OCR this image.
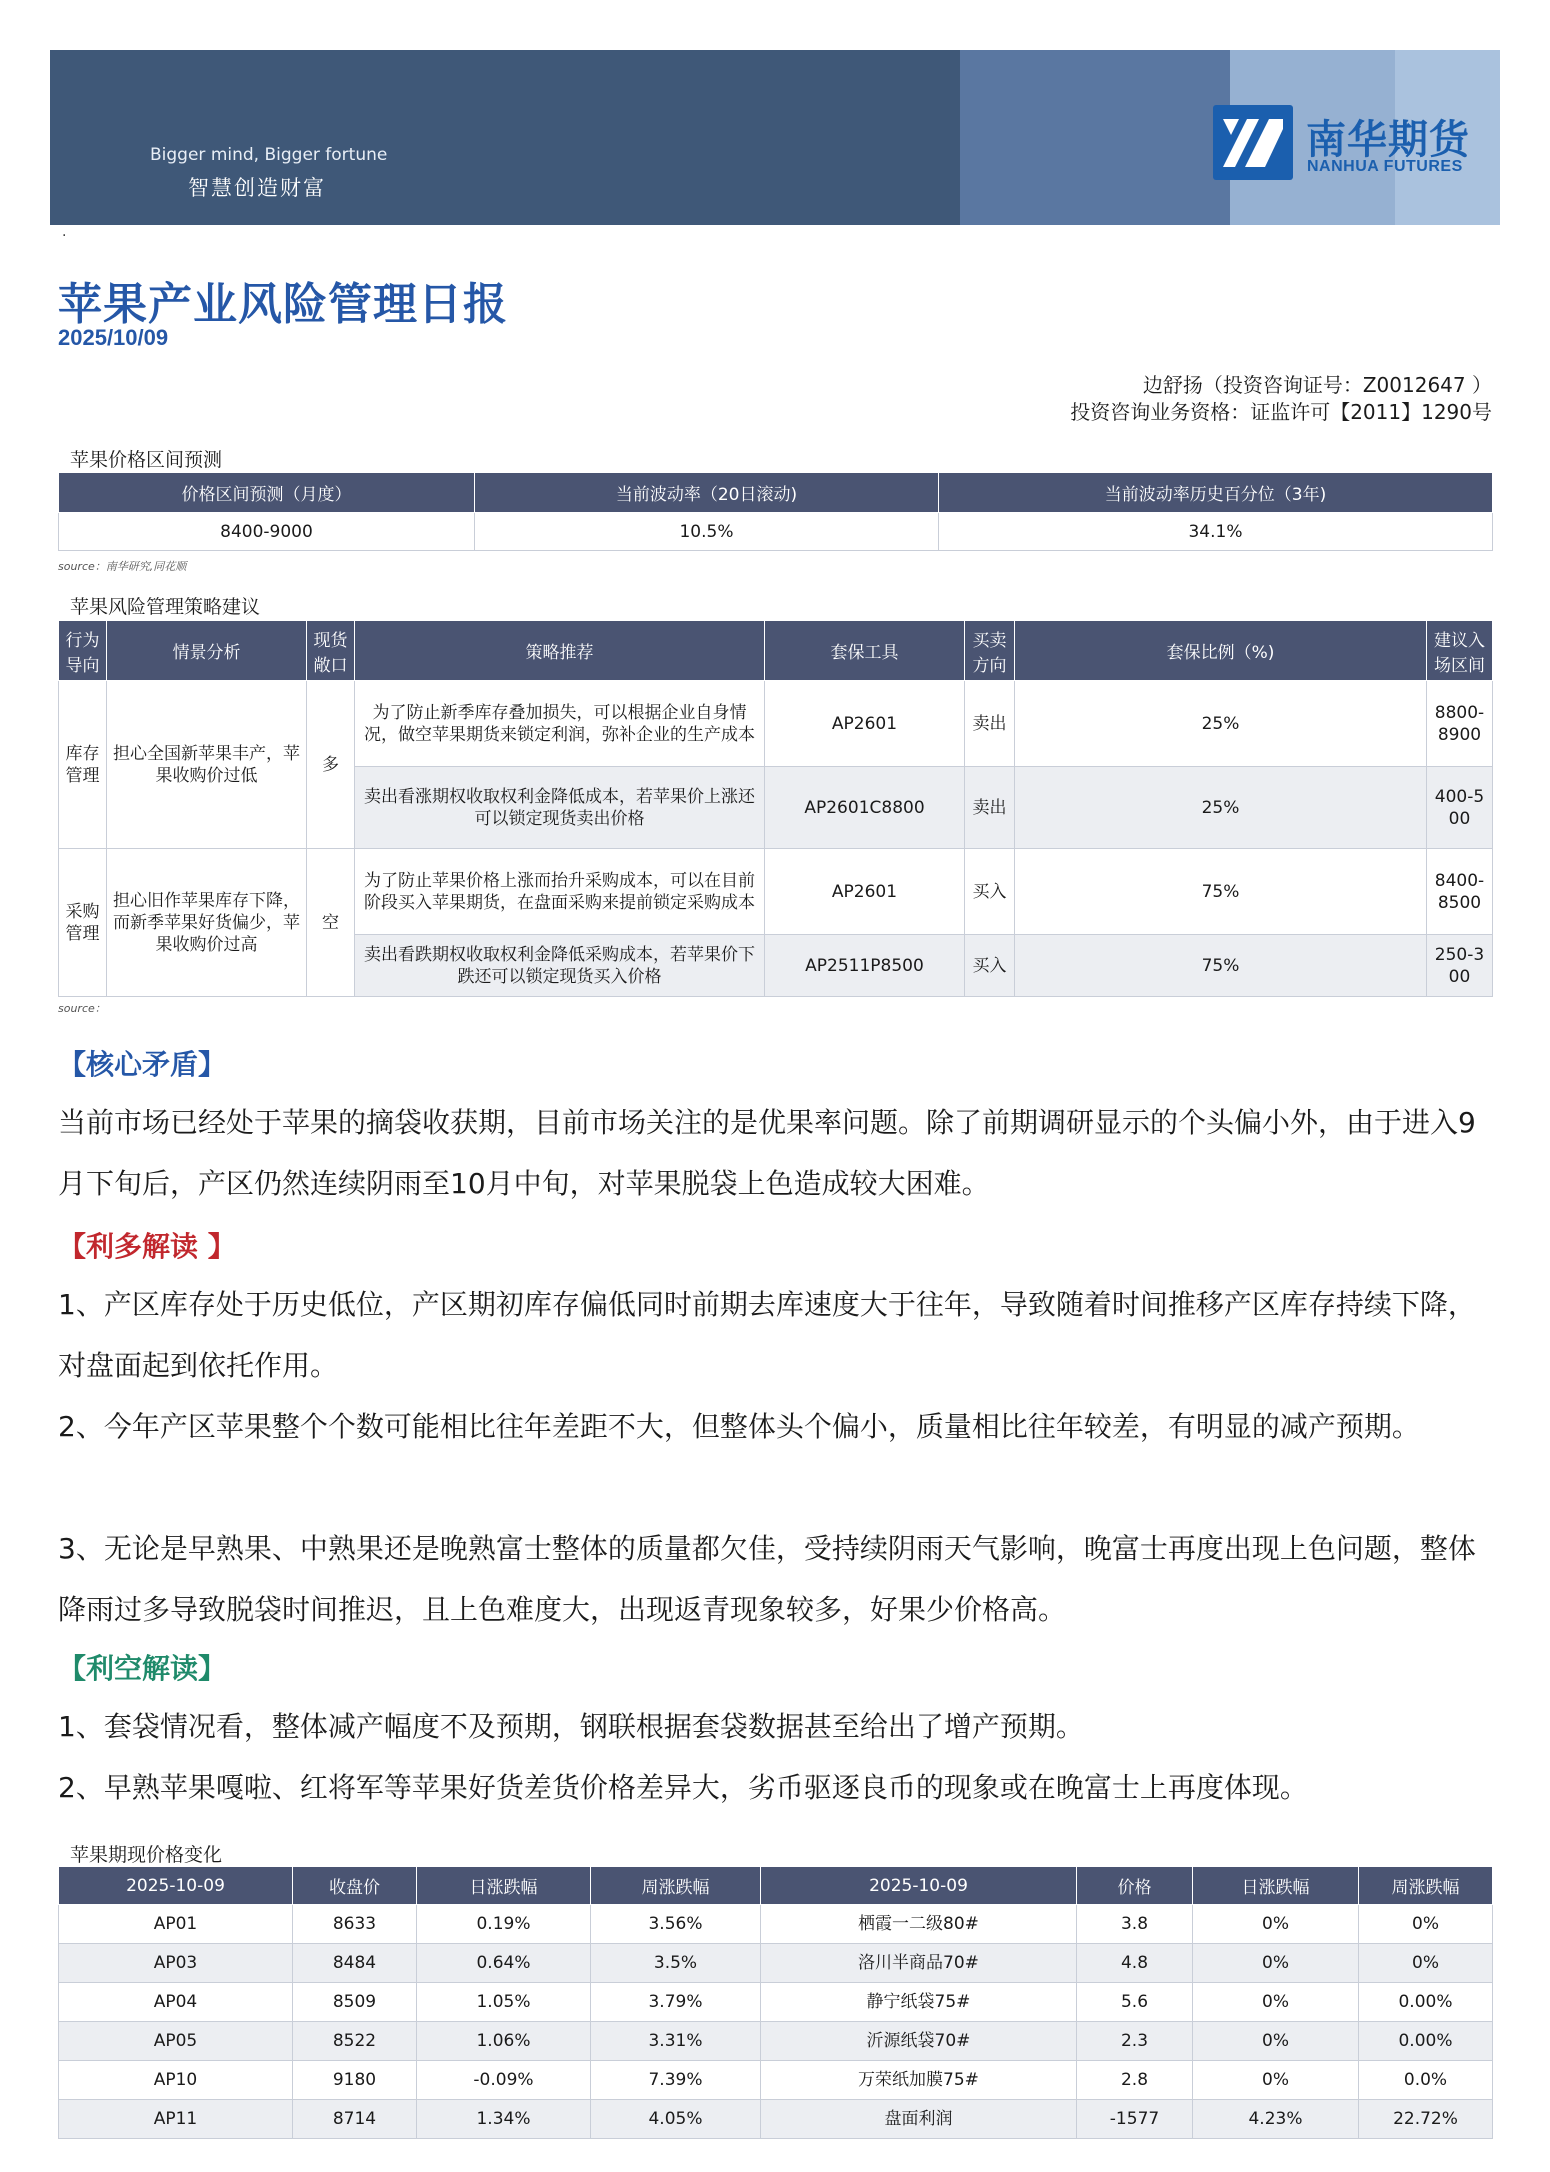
Bigger mind, Bigger fortune
智慧创造财富
南华期货
NANHUA FUTURES
·
苹果产业风险管理日报
2025/10/09
边舒扬（投资咨询证号：Z0012647 ）
投资咨询业务资格：证监许可【2011】1290号
苹果价格区间预测
价格区间预测（月度）	当前波动率（20日滚动)	当前波动率历史百分位（3年)
8400-9000	10.5%	34.1%
source：南华研究,同花顺
苹果风险管理策略建议
行为导向	情景分析	现货敞口	策略推荐	套保工具	买卖方向	套保比例（%)	建议入场区间
库存管理	担心全国新苹果丰产，苹果收购价过低	多	为了防止新季库存叠加损失，可以根据企业自身情况，做空苹果期货来锁定利润，弥补企业的生产成本	AP2601	卖出	25%	8800-8900
			卖出看涨期权收取权利金降低成本，若苹果价上涨还可以锁定现货卖出价格	AP2601C8800	卖出	25%	400-500
采购管理	担心旧作苹果库存下降，而新季苹果好货偏少，苹果收购价过高	空	为了防止苹果价格上涨而抬升采购成本，可以在目前阶段买入苹果期货，在盘面采购来提前锁定采购成本	AP2601	买入	75%	8400-8500
			卖出看跌期权收取权利金降低采购成本，若苹果价下跌还可以锁定现货买入价格	AP2511P8500	买入	75%	250-300
source：
【核心矛盾】
当前市场已经处于苹果的摘袋收获期，目前市场关注的是优果率问题。除了前期调研显示的个头偏小外，由于进入9月下旬后，产区仍然连续阴雨至10月中旬，对苹果脱袋上色造成较大困难。
【利多解读 】
1、产区库存处于历史低位，产区期初库存偏低同时前期去库速度大于往年，导致随着时间推移产区库存持续下降，对盘面起到依托作用。
2、今年产区苹果整个个数可能相比往年差距不大，但整体头个偏小，质量相比往年较差，有明显的减产预期。
3、无论是早熟果、中熟果还是晚熟富士整体的质量都欠佳，受持续阴雨天气影响，晚富士再度出现上色问题，整体降雨过多导致脱袋时间推迟，且上色难度大，出现返青现象较多，好果少价格高。
【利空解读】
1、套袋情况看，整体减产幅度不及预期，钢联根据套袋数据甚至给出了增产预期。
2、早熟苹果嘎啦、红将军等苹果好货差货价格差异大，劣币驱逐良币的现象或在晚富士上再度体现。
苹果期现价格变化
2025-10-09	收盘价	日涨跌幅	周涨跌幅	2025-10-09	价格	日涨跌幅	周涨跌幅
AP01	8633	0.19%	3.56%	栖霞一二级80#	3.8	0%	0%
AP03	8484	0.64%	3.5%	洛川半商品70#	4.8	0%	0%
AP04	8509	1.05%	3.79%	静宁纸袋75#	5.6	0%	0.00%
AP05	8522	1.06%	3.31%	沂源纸袋70#	2.3	0%	0.00%
AP10	9180	-0.09%	7.39%	万荣纸加膜75#	2.8	0%	0.0%
AP11	8714	1.34%	4.05%	盘面利润	-1577	4.23%	22.72%
